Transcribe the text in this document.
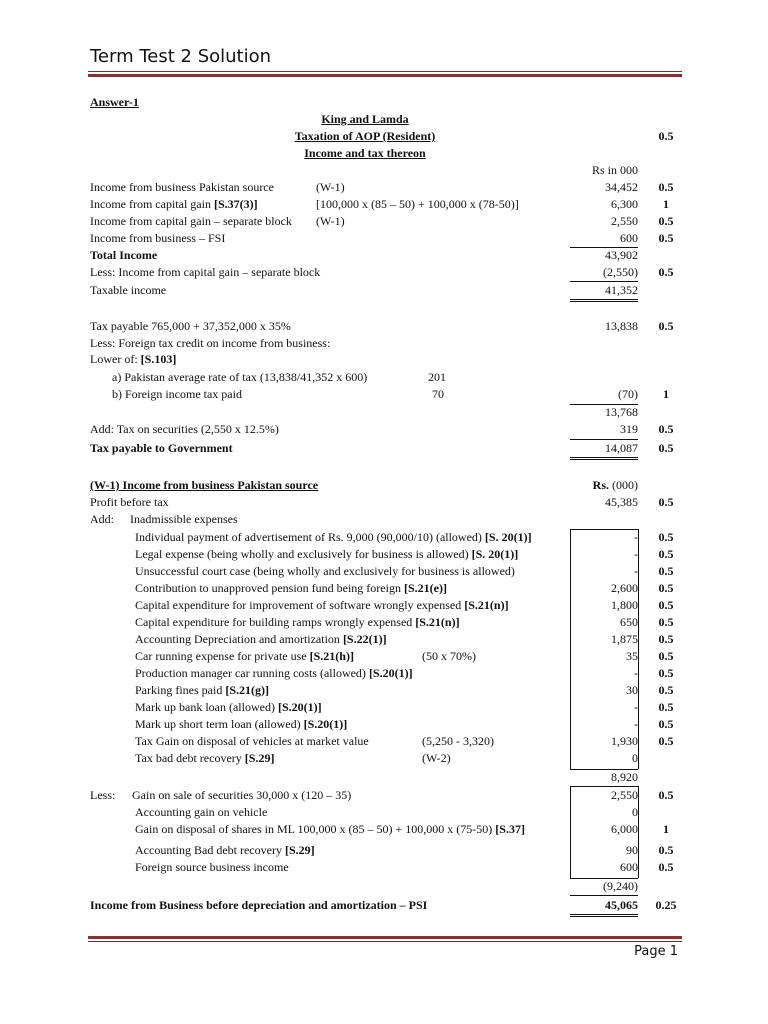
Term Test 2 Solution
Answer-1
King and Lamda
Taxation of AOP (Resident)	0.5
Income and tax thereon
Rs in 000
Income from business Pakistan source	(W-1)	34,452	0.5
Income from capital gain [S.37(3)]	[100,000 x (85 – 50) + 100,000 x (78-50)]	6,300	1
Income from capital gain – separate block (W-1)	2,550	0.5
Income from business – FSI	600	0.5
Total Income	43,902
Less: Income from capital gain – separate block	(2,550)	0.5
Taxable income	41,352
Tax payable 765,000 + 37,352,000 x 35%	13,838	0.5
Less: Foreign tax credit on income from business:
Lower of: [S.103]
a) Pakistan average rate of tax (13,838/41,352 x 600)	201
b) Foreign income tax paid	70	(70)	1
13,768
Add: Tax on securities (2,550 x 12.5%)	319	0.5
Tax payable to Government	14,087	0.5
(W-1) Income from business Pakistan source	Rs. (000)
Profit before tax	45,385	0.5
Add: Inadmissible expenses
Individual payment of advertisement of Rs. 9,000 (90,000/10) (allowed) [S. 20(1)]	-	0.5
Legal expense (being wholly and exclusively for business is allowed) [S. 20(1)]	-	0.5
Unsuccessful court case (being wholly and exclusively for business is allowed)	-	0.5
Contribution to unapproved pension fund being foreign [S.21(e)]	2,600	0.5
Capital expenditure for improvement of software wrongly expensed [S.21(n)]	1,800	0.5
Capital expenditure for building ramps wrongly expensed [S.21(n)]	650	0.5
Accounting Depreciation and amortization [S.22(1)]	1,875	0.5
Car running expense for private use [S.21(h)]	(50 x 70%)	35	0.5
Production manager car running costs (allowed) [S.20(1)]	-	0.5
Parking fines paid [S.21(g)]	30	0.5
Mark up bank loan (allowed) [S.20(1)]	-	0.5
Mark up short term loan (allowed) [S.20(1)]	-	0.5
Tax Gain on disposal of vehicles at market value	(5,250 - 3,320)	1,930	0.5
Tax bad debt recovery [S.29]	(W-2)	0
8,920
Less: Gain on sale of securities 30,000 x (120 – 35)	2,550	0.5
Accounting gain on vehicle	0
Gain on disposal of shares in ML 100,000 x (85 – 50) + 100,000 x (75-50) [S.37]	6,000	1
Accounting Bad debt recovery [S.29]	90	0.5
Foreign source business income	600	0.5
(9,240)
Income from Business before depreciation and amortization – PSI	45,065	0.25
Page 1
